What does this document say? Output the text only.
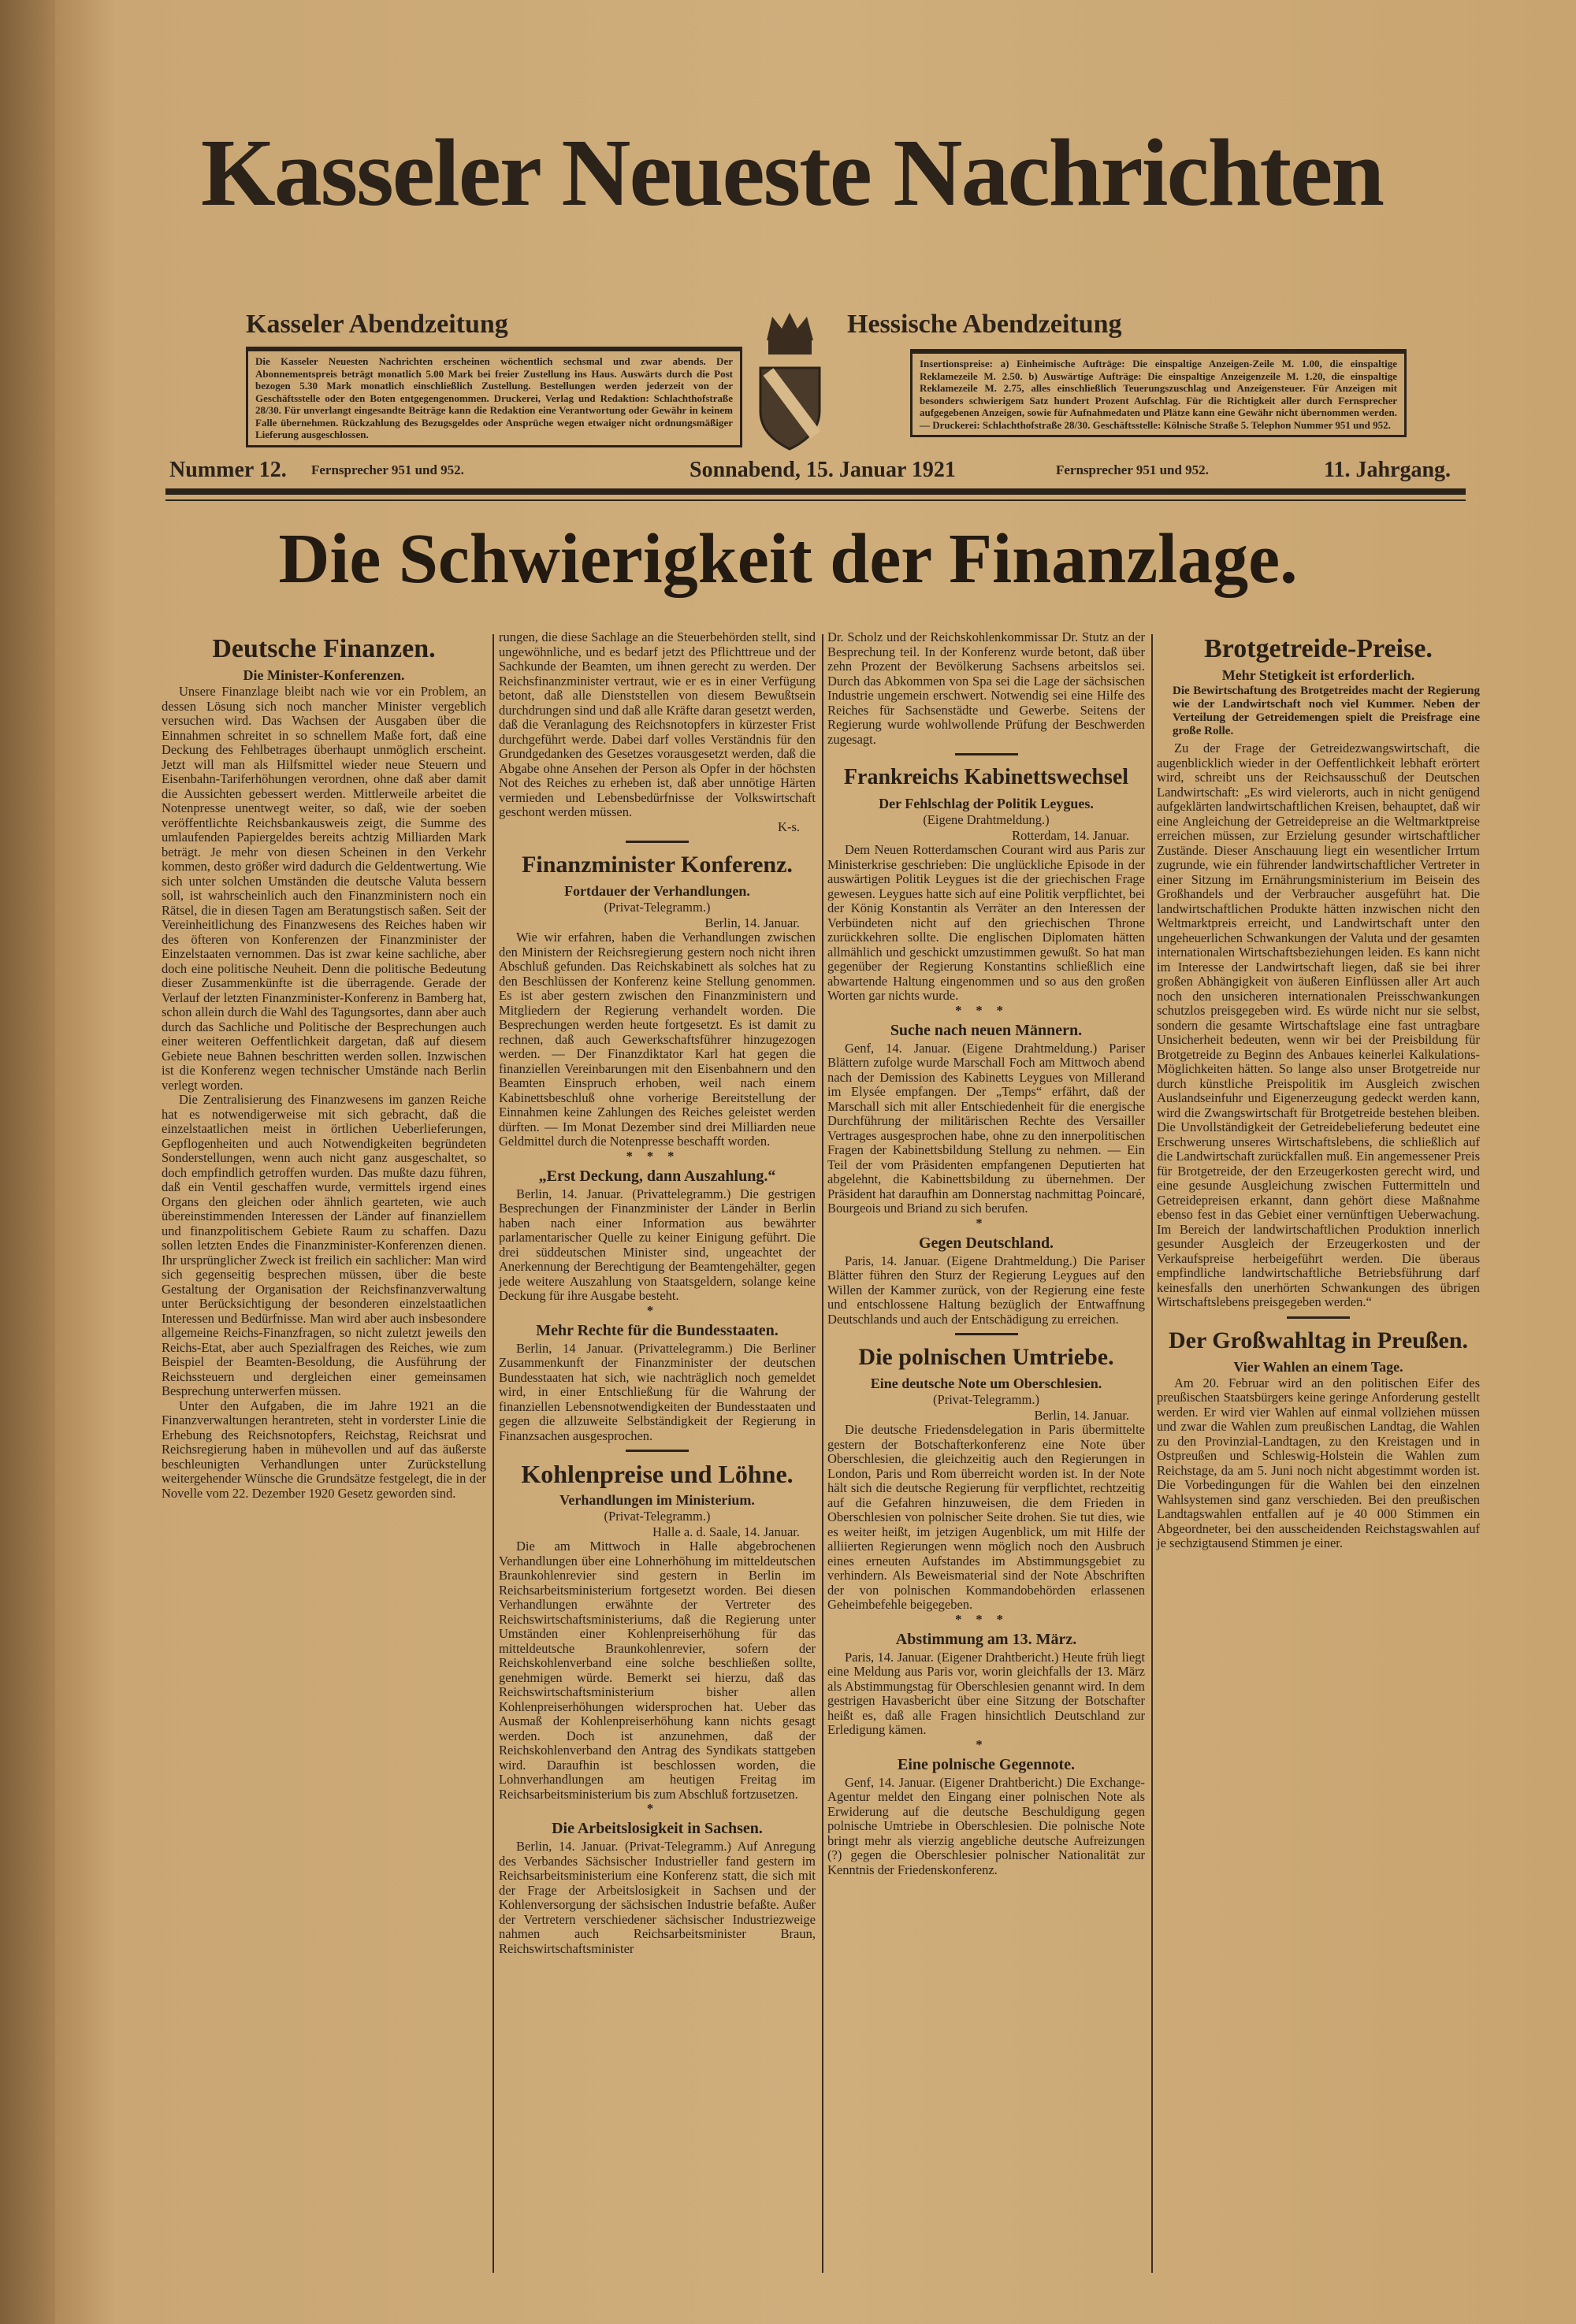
Kasseler Neueste Nachrichten
Kasseler Abendzeitung	Hessische Abendzeitung
Die Kasseler Neuesten Nachrichten erscheinen wöchentlich sechsmal und zwar abends. Der Abonnementspreis beträgt monatlich 5.00 Mark bei freier Zustellung ins Haus. Auswärts durch die Post bezogen 5.30 Mark monatlich einschließlich Zustellung. Bestellungen werden jederzeit von der Geschäftsstelle oder den Boten entgegengenommen. Druckerei, Verlag und Redaktion: Schlachthofstraße 28/30. Für unverlangt eingesandte Beiträge kann die Redaktion eine Verantwortung oder Gewähr in keinem Falle übernehmen. Rückzahlung des Bezugsgeldes oder Ansprüche wegen etwaiger nicht ordnungsmäßiger Lieferung ausgeschlossen.
Insertionspreise: a) Einheimische Aufträge: Die einspaltige Anzeigen-Zeile M. 1.00, die einspaltige Reklamezeile M. 2.50. b) Auswärtige Aufträge: Die einspaltige Anzeigenzeile M. 1.20, die einspaltige Reklamezeile M. 2.75, alles einschließlich Teuerungszuschlag und Anzeigensteuer. Für Anzeigen mit besonders schwierigem Satz hundert Prozent Aufschlag. Für die Richtigkeit aller durch Fernsprecher aufgegebenen Anzeigen, sowie für Aufnahmedaten und Plätze kann eine Gewähr nicht übernommen werden. — Druckerei: Schlachthofstraße 28/30. Geschäftsstelle: Kölnische Straße 5. Telephon Nummer 951 und 952.
Nummer 12. Fernsprecher 951 und 952.	Sonnabend, 15. Januar 1921	Fernsprecher 951 und 952.	11. Jahrgang.
Die Schwierigkeit der Finanzlage.
Deutsche Finanzen.
Die Minister-Konferenzen.

Unsere Finanzlage bleibt nach wie vor ein Problem, an dessen Lösung sich noch mancher Minister vergeblich versuchen wird. Das Wachsen der Ausgaben über die Einnahmen schreitet in so schnellem Maße fort, daß eine Deckung des Fehlbetrages überhaupt unmöglich erscheint. Jetzt will man als Hilfsmittel wieder neue Steuern und Eisenbahn-Tariferhöhungen verordnen, ohne daß aber damit die Aussichten gebessert werden. Mittlerweile arbeitet die Notenpresse unentwegt weiter, so daß, wie der soeben veröffentlichte Reichsbankausweis zeigt, die Summe des umlaufenden Papiergeldes bereits achtzig Milliarden Mark beträgt. Je mehr von diesen Scheinen in den Verkehr kommen, desto größer wird dadurch die Geldentwertung. Wie sich unter solchen Umständen die deutsche Valuta bessern soll, ist wahrscheinlich auch den Finanzministern noch ein Rätsel, die in diesen Tagen am Beratungstisch saßen. Seit der Vereinheitlichung des Finanzwesens des Reiches haben wir des öfteren von Konferenzen der Finanzminister der Einzelstaaten vernommen. Das ist zwar keine sachliche, aber doch eine politische Neuheit. Denn die politische Bedeutung dieser Zusammenkünfte ist die überragende. Gerade der Verlauf der letzten Finanzminister-Konferenz in Bamberg hat, schon allein durch die Wahl des Tagungsortes, dann aber auch durch das Sachliche und Politische der Besprechungen auch einer weiteren Oeffentlichkeit dargetan, daß auf diesem Gebiete neue Bahnen beschritten werden sollen. Inzwischen ist die Konferenz wegen technischer Umstände nach Berlin verlegt worden.

Die Zentralisierung des Finanzwesens im ganzen Reiche hat es notwendigerweise mit sich gebracht, daß die einzelstaatlichen meist in örtlichen Ueberlieferungen, Gepflogenheiten und auch Notwendigkeiten begründeten Sonderstellungen, wenn auch nicht ganz ausgeschaltet, so doch empfindlich getroffen wurden. Das mußte dazu führen, daß ein Ventil geschaffen wurde, vermittels irgend eines Organs den gleichen oder ähnlich gearteten, wie auch übereinstimmenden Interessen der Länder auf finanziellem und finanzpolitischem Gebiete Raum zu schaffen. Dazu sollen letzten Endes die Finanzminister-Konferenzen dienen. Ihr ursprünglicher Zweck ist freilich ein sachlicher: Man wird sich gegenseitig besprechen müssen, über die beste Gestaltung der Organisation der Reichsfinanzverwaltung unter Berücksichtigung der besonderen einzelstaatlichen Interessen und Bedürfnisse. Man wird aber auch insbesondere allgemeine Reichs-Finanzfragen, so nicht zuletzt jeweils den Reichs-Etat, aber auch Spezialfragen des Reiches, wie zum Beispiel der Beamten-Besoldung, die Ausführung der Reichssteuern und dergleichen einer gemeinsamen Besprechung unterwerfen müssen.

Unter den Aufgaben, die im Jahre 1921 an die Finanzverwaltungen herantreten, steht in vorderster Linie die Erhebung des Reichsnotopfers, Reichstag, Reichsrat und Reichsregierung haben in mühevollen und auf das äußerste beschleunigten Verhandlungen unter Zurückstellung weitergehender Wünsche die Grundsätze festgelegt, die in der Novelle vom 22. Dezember 1920 Gesetz geworden sind.

rungen, die diese Sachlage an die Steuerbehörden stellt, sind ungewöhnliche, und es bedarf jetzt des Pflichttreue und der Sachkunde der Beamten, um ihnen gerecht zu werden. Der Reichsfinanzminister vertraut, wie er es in einer Verfügung betont, daß alle Dienststellen von diesem Bewußtsein durchdrungen sind und daß alle Kräfte daran gesetzt werden, daß die Veranlagung des Reichsnotopfers in kürzester Frist durchgeführt werde. Dabei darf volles Verständnis für den Grundgedanken des Gesetzes vorausgesetzt werden, daß die Abgabe ohne Ansehen der Person als Opfer in der höchsten Not des Reiches zu erheben ist, daß aber unnötige Härten vermieden und Lebensbedürfnisse der Volkswirtschaft geschont werden müssen.

K-s.
Finanzminister Konferenz.
Fortdauer der Verhandlungen.
(Privat-Telegramm.)
Berlin, 14. Januar.

Wie wir erfahren, haben die Verhandlungen zwischen den Ministern der Reichsregierung gestern noch nicht ihren Abschluß gefunden. Das Reichskabinett als solches hat zu den Beschlüssen der Konferenz keine Stellung genommen. Es ist aber gestern zwischen den Finanzministern und Mitgliedern der Regierung verhandelt worden. Die Besprechungen werden heute fortgesetzt. Es ist damit zu rechnen, daß auch Gewerkschaftsführer hinzugezogen werden. — Der Finanzdiktator Karl hat gegen die finanziellen Vereinbarungen mit den Eisenbahnern und den Beamten Einspruch erhoben, weil nach einem Kabinettsbeschluß ohne vorherige Bereitstellung der Einnahmen keine Zahlungen des Reiches geleistet werden dürften. — Im Monat Dezember sind drei Milliarden neue Geldmittel durch die Notenpresse beschafft worden.

***
„Erst Deckung, dann Auszahlung.“

Berlin, 14. Januar. (Privattelegramm.) Die gestrigen Besprechungen der Finanzminister der Länder in Berlin haben nach einer Information aus bewährter parlamentarischer Quelle zu keiner Einigung geführt. Die drei süddeutschen Minister sind, ungeachtet der Anerkennung der Berechtigung der Beamtengehälter, gegen jede weitere Auszahlung von Staatsgeldern, solange keine Deckung für ihre Ausgabe besteht.

*
Mehr Rechte für die Bundesstaaten.

Berlin, 14 Januar. (Privattelegramm.) Die Berliner Zusammenkunft der Finanzminister der deutschen Bundesstaaten hat sich, wie nachträglich noch gemeldet wird, in einer Entschließung für die Wahrung der finanziellen Lebensnotwendigkeiten der Bundesstaaten und gegen die allzuweite Selbständigkeit der Regierung in Finanzsachen ausgesprochen.

Kohlenpreise und Löhne.
Verhandlungen im Ministerium.
(Privat-Telegramm.)
Halle a. d. Saale, 14. Januar.

Die am Mittwoch in Halle abgebrochenen Verhandlungen über eine Lohnerhöhung im mitteldeutschen Braunkohlenrevier sind gestern in Berlin im Reichsarbeitsministerium fortgesetzt worden. Bei diesen Verhandlungen erwähnte der Vertreter des Reichswirtschaftsministeriums, daß die Regierung unter Umständen einer Kohlenpreiserhöhung für das mitteldeutsche Braunkohlenrevier, sofern der Reichskohlenverband eine solche beschließen sollte, genehmigen würde. Bemerkt sei hierzu, daß das Reichswirtschaftsministerium bisher allen Kohlenpreiserhöhungen widersprochen hat. Ueber das Ausmaß der Kohlenpreiserhöhung kann nichts gesagt werden. Doch ist anzunehmen, daß der Reichskohlenverband den Antrag des Syndikats stattgeben wird. Daraufhin ist beschlossen worden, die Lohnverhandlungen am heutigen Freitag im Reichsarbeitsministerium bis zum Abschluß fortzusetzen.

*
Die Arbeitslosigkeit in Sachsen.

Berlin, 14. Januar. (Privat-Telegramm.) Auf Anregung des Verbandes Sächsischer Industrieller fand gestern im Reichsarbeitsministerium eine Konferenz statt, die sich mit der Frage der Arbeitslosigkeit in Sachsen und der Kohlenversorgung der sächsischen Industrie befaßte. Außer der Vertretern verschiedener sächsischer Industriezweige nahmen auch Reichsarbeitsminister Braun, Reichswirtschaftsminister

Dr. Scholz und der Reichskohlenkommissar Dr. Stutz an der Besprechung teil. In der Konferenz wurde betont, daß über zehn Prozent der Bevölkerung Sachsens arbeitslos sei. Durch das Abkommen von Spa sei die Lage der sächsischen Industrie ungemein erschwert. Notwendig sei eine Hilfe des Reiches für Sachsenstädte und Gewerbe. Seitens der Regierung wurde wohlwollende Prüfung der Beschwerden zugesagt.

Frankreichs Kabinettswechsel
Der Fehlschlag der Politik Leygues.
(Eigene Drahtmeldung.)
Rotterdam, 14. Januar.

Dem Neuen Rotterdamschen Courant wird aus Paris zur Ministerkrise geschrieben: Die unglückliche Episode in der auswärtigen Politik Leygues ist die der griechischen Frage gewesen. Leygues hatte sich auf eine Politik verpflichtet, bei der König Konstantin als Verräter an den Interessen der Verbündeten nicht auf den griechischen Throne zurückkehren sollte. Die englischen Diplomaten hätten allmählich und geschickt umzustimmen gewußt. So hat man gegenüber der Regierung Konstantins schließlich eine abwartende Haltung eingenommen und so aus den großen Worten gar nichts wurde.

***
Suche nach neuen Männern.

Genf, 14. Januar. (Eigene Drahtmeldung.) Pariser Blättern zufolge wurde Marschall Foch am Mittwoch abend nach der Demission des Kabinetts Leygues von Millerand im Elysée empfangen. Der „Temps“ erfährt, daß der Marschall sich mit aller Entschiedenheit für die energische Durchführung der militärischen Rechte des Versailler Vertrages ausgesprochen habe, ohne zu den innerpolitischen Fragen der Kabinettsbildung Stellung zu nehmen. — Ein Teil der vom Präsidenten empfangenen Deputierten hat abgelehnt, die Kabinettsbildung zu übernehmen. Der Präsident hat daraufhin am Donnerstag nachmittag Poincaré, Bourgeois und Briand zu sich berufen.

*
Gegen Deutschland.

Paris, 14. Januar. (Eigene Drahtmeldung.) Die Pariser Blätter führen den Sturz der Regierung Leygues auf den Willen der Kammer zurück, von der Regierung eine feste und entschlossene Haltung bezüglich der Entwaffnung Deutschlands und auch der Entschädigung zu erreichen.

Die polnischen Umtriebe.
Eine deutsche Note um Oberschlesien.
(Privat-Telegramm.)
Berlin, 14. Januar.

Die deutsche Friedensdelegation in Paris übermittelte gestern der Botschafterkonferenz eine Note über Oberschlesien, die gleichzeitig auch den Regierungen in London, Paris und Rom überreicht worden ist. In der Note hält sich die deutsche Regierung für verpflichtet, rechtzeitig auf die Gefahren hinzuweisen, die dem Frieden in Oberschlesien von polnischer Seite drohen. Sie tut dies, wie es weiter heißt, im jetzigen Augenblick, um mit Hilfe der alliierten Regierungen wenn möglich noch den Ausbruch eines erneuten Aufstandes im Abstimmungsgebiet zu verhindern. Als Beweismaterial sind der Note Abschriften der von polnischen Kommandobehörden erlassenen Geheimbefehle beigegeben.

***
Abstimmung am 13. März.

Paris, 14. Januar. (Eigener Drahtbericht.) Heute früh liegt eine Meldung aus Paris vor, worin gleichfalls der 13. März als Abstimmungstag für Oberschlesien genannt wird. In dem gestrigen Havasbericht über eine Sitzung der Botschafter heißt es, daß alle Fragen hinsichtlich Deutschland zur Erledigung kämen.

*
Eine polnische Gegennote.

Genf, 14. Januar. (Eigener Drahtbericht.) Die Exchange-Agentur meldet den Eingang einer polnischen Note als Erwiderung auf die deutsche Beschuldigung gegen polnische Umtriebe in Oberschlesien. Die polnische Note bringt mehr als vierzig angebliche deutsche Aufreizungen (?) gegen die Oberschlesier polnischer Nationalität zur Kenntnis der Friedenskonferenz.

Brotgetreide-Preise.
Mehr Stetigkeit ist erforderlich.
Die Bewirtschaftung des Brotgetreides macht der Regierung wie der Landwirtschaft noch viel Kummer. Neben der Verteilung der Getreidemengen spielt die Preisfrage eine große Rolle.

Zu der Frage der Getreidezwangswirtschaft, die augenblicklich wieder in der Oeffentlichkeit lebhaft erörtert wird, schreibt uns der Reichsausschuß der Deutschen Landwirtschaft: „Es wird vielerorts, auch in nicht genügend aufgeklärten landwirtschaftlichen Kreisen, behauptet, daß wir eine Angleichung der Getreidepreise an die Weltmarktpreise erreichen müssen, zur Erzielung gesunder wirtschaftlicher Zustände. Dieser Anschauung liegt ein wesentlicher Irrtum zugrunde, wie ein führender landwirtschaftlicher Vertreter in einer Sitzung im Ernährungsministerium im Beisein des Großhandels und der Verbraucher ausgeführt hat. Die landwirtschaftlichen Produkte hätten inzwischen nicht den Weltmarktpreis erreicht, und Landwirtschaft unter den ungeheuerlichen Schwankungen der Valuta und der gesamten internationalen Wirtschaftsbeziehungen leiden. Es kann nicht im Interesse der Landwirtschaft liegen, daß sie bei ihrer großen Abhängigkeit von äußeren Einflüssen aller Art auch noch den unsicheren internationalen Preisschwankungen schutzlos preisgegeben wird. Es würde nicht nur sie selbst, sondern die gesamte Wirtschaftslage eine fast untragbare Unsicherheit bedeuten, wenn wir bei der Preisbildung für Brotgetreide zu Beginn des Anbaues keinerlei Kalkulations-Möglichkeiten hätten. So lange also unser Brotgetreide nur durch künstliche Preispolitik im Ausgleich zwischen Auslandseinfuhr und Eigenerzeugung gedeckt werden kann, wird die Zwangswirtschaft für Brotgetreide bestehen bleiben. Die Unvollständigkeit der Getreidebelieferung bedeutet eine Erschwerung unseres Wirtschaftslebens, die schließlich auf die Landwirtschaft zurückfallen muß. Ein angemessener Preis für Brotgetreide, der den Erzeugerkosten gerecht wird, und eine gesunde Ausgleichung zwischen Futtermitteln und Getreidepreisen erkannt, dann gehört diese Maßnahme ebenso fest in das Gebiet einer vernünftigen Ueberwachung. Im Bereich der landwirtschaftlichen Produktion innerlich gesunder Ausgleich der Erzeugerkosten und der Verkaufspreise herbeigeführt werden. Die überaus empfindliche landwirtschaftliche Betriebsführung darf keinesfalls den unerhörten Schwankungen des übrigen Wirtschaftslebens preisgegeben werden.“

Der Großwahltag in Preußen.
Vier Wahlen an einem Tage.

Am 20. Februar wird an den politischen Eifer des preußischen Staatsbürgers keine geringe Anforderung gestellt werden. Er wird vier Wahlen auf einmal vollziehen müssen und zwar die Wahlen zum preußischen Landtag, die Wahlen zu den Provinzial-Landtagen, zu den Kreistagen und in Ostpreußen und Schleswig-Holstein die Wahlen zum Reichstage, da am 5. Juni noch nicht abgestimmt worden ist. Die Vorbedingungen für die Wahlen bei den einzelnen Wahlsystemen sind ganz verschieden. Bei den preußischen Landtagswahlen entfallen auf je 40 000 Stimmen ein Abgeordneter, bei den ausscheidenden Reichstagswahlen auf je sechzigtausend Stimmen je einer.
